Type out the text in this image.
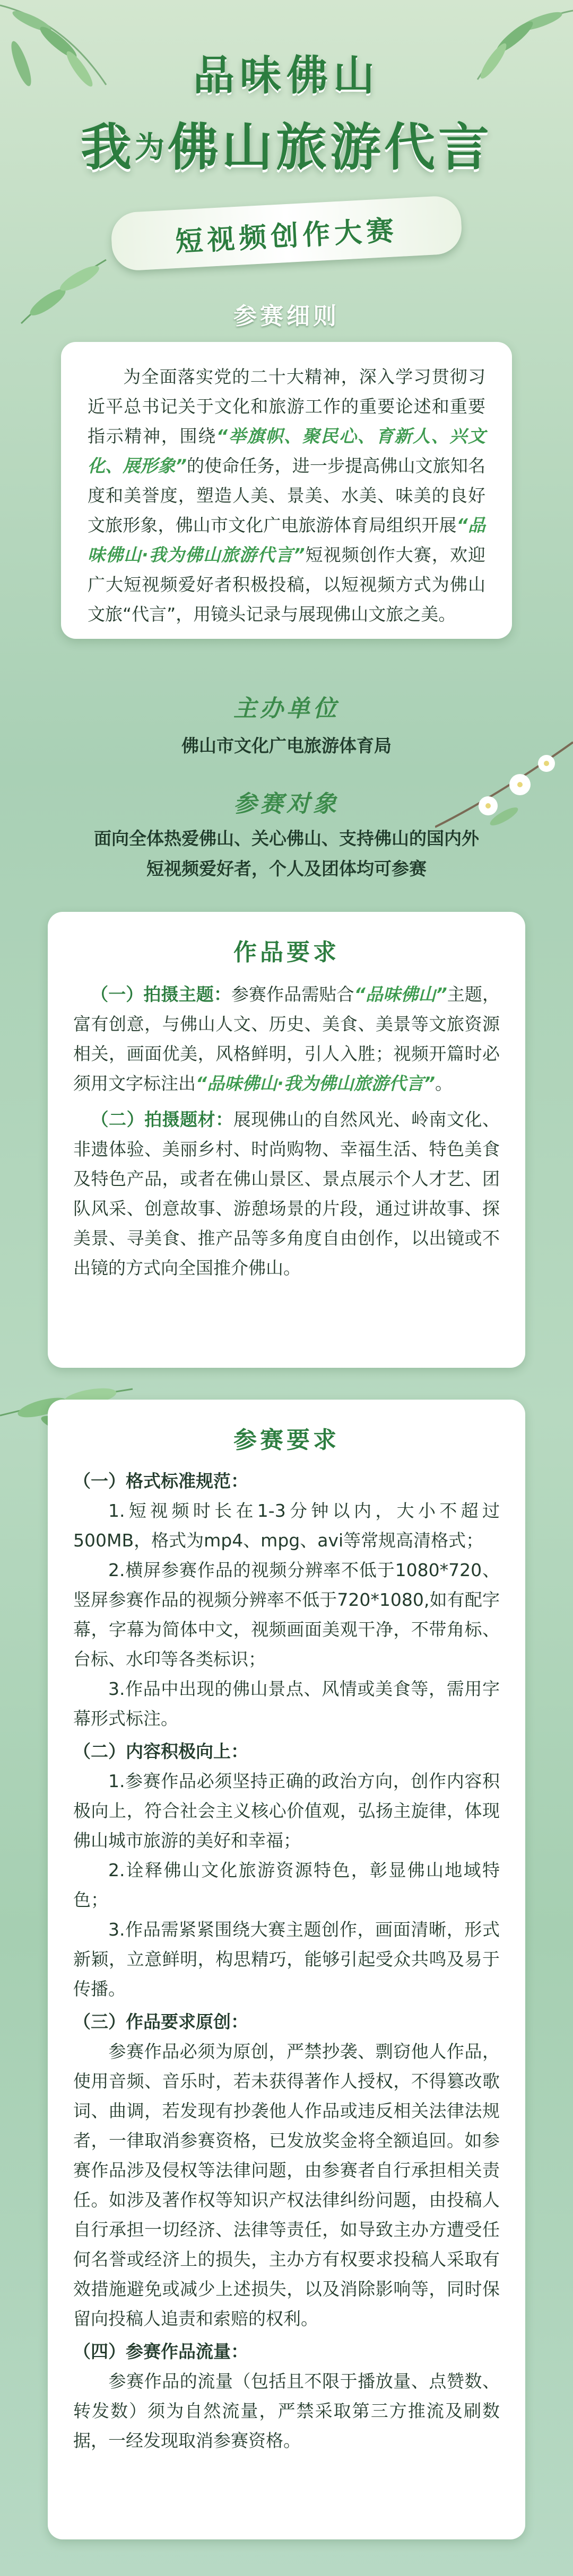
品味佛山
我为佛山旅游代言
短视频创作大赛
参赛细则

  为全面落实党的二十大精神，深入学习贯彻习近平总书记关于文化和旅游工作的重要论述和重要指示精神，围绕“举旗帜、聚民心、育新人、兴文化、展形象”的使命任务，进一步提高佛山文旅知名度和美誉度，塑造人美、景美、水美、味美的良好文旅形象，佛山市文化广电旅游体育局组织开展“品味佛山·我为佛山旅游代言”短视频创作大赛，欢迎广大短视频爱好者积极投稿，以短视频方式为佛山文旅“代言”，用镜头记录与展现佛山文旅之美。

主办单位
佛山市文化广电旅游体育局
参赛对象
面向全体热爱佛山、关心佛山、支持佛山的国内外
短视频爱好者，个人及团体均可参赛
作品要求

 （一）拍摄主题：参赛作品需贴合“品味佛山”主题，富有创意，与佛山人文、历史、美食、美景等文旅资源相关，画面优美，风格鲜明，引人入胜；视频开篇时必须用文字标注出“品味佛山·我为佛山旅游代言”。

 （二）拍摄题材：展现佛山的自然风光、岭南文化、非遗体验、美丽乡村、时尚购物、幸福生活、特色美食及特色产品，或者在佛山景区、景点展示个人才艺、团队风采、创意故事、游憩场景的片段，通过讲故事、探美景、寻美食、推产品等多角度自由创作，以出镜或不出镜的方式向全国推介佛山。

参赛要求

（一）格式标准规范：

  1.短视频时长在1-3分钟以内，大小不超过500MB，格式为mp4、mpg、avi等常规高清格式；

  2.横屏参赛作品的视频分辨率不低于1080*720、竖屏参赛作品的视频分辨率不低于720*1080,如有配字幕，字幕为简体中文，视频画面美观干净，不带角标、台标、水印等各类标识；

  3.作品中出现的佛山景点、风情或美食等，需用字幕形式标注。

（二）内容积极向上：

  1.参赛作品必须坚持正确的政治方向，创作内容积极向上，符合社会主义核心价值观，弘扬主旋律，体现佛山城市旅游的美好和幸福；

  2.诠释佛山文化旅游资源特色，彰显佛山地域特色；

  3.作品需紧紧围绕大赛主题创作，画面清晰，形式新颖，立意鲜明，构思精巧，能够引起受众共鸣及易于传播。

（三）作品要求原创：

  参赛作品必须为原创，严禁抄袭、剽窃他人作品，使用音频、音乐时，若未获得著作人授权，不得篡改歌词、曲调，若发现有抄袭他人作品或违反相关法律法规者，一律取消参赛资格，已发放奖金将全额追回。如参赛作品涉及侵权等法律问题，由参赛者自行承担相关责任。如涉及著作权等知识产权法律纠纷问题，由投稿人自行承担一切经济、法律等责任，如导致主办方遭受任何名誉或经济上的损失，主办方有权要求投稿人采取有效措施避免或减少上述损失，以及消除影响等，同时保留向投稿人追责和索赔的权利。

（四）参赛作品流量：

  参赛作品的流量（包括且不限于播放量、点赞数、转发数）须为自然流量，严禁采取第三方推流及刷数据，一经发现取消参赛资格。
